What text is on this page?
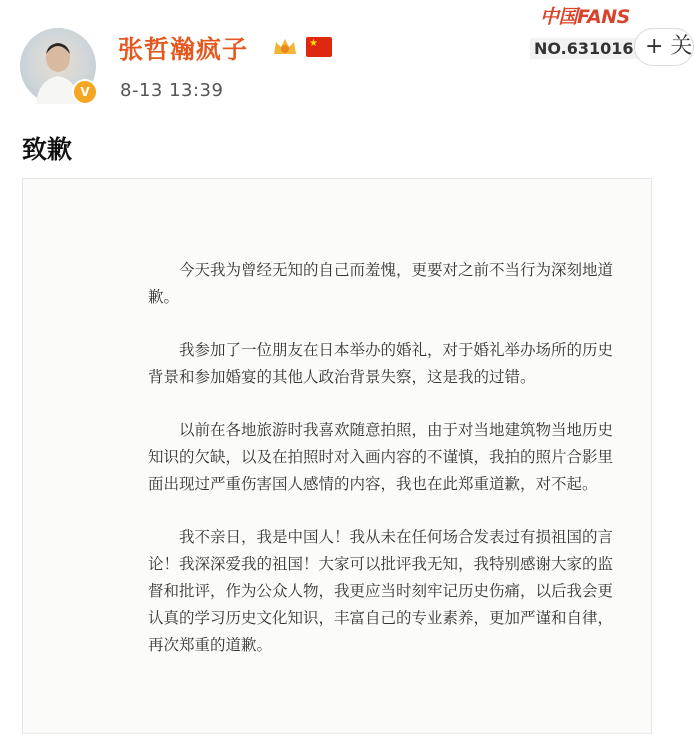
V
张哲瀚疯子	★
8-13 13:39
中国FANS
NO.631016 + 关
致歉

今天我为曾经无知的自己而羞愧，更要对之前不当行为深刻地道歉。

我参加了一位朋友在日本举办的婚礼，对于婚礼举办场所的历史背景和参加婚宴的其他人政治背景失察，这是我的过错。

以前在各地旅游时我喜欢随意拍照，由于对当地建筑物当地历史知识的欠缺，以及在拍照时对入画内容的不谨慎，我拍的照片合影里面出现过严重伤害国人感情的内容，我也在此郑重道歉，对不起。

我不亲日，我是中国人！我从未在任何场合发表过有损祖国的言论！我深深爱我的祖国！大家可以批评我无知，我特别感谢大家的监督和批评，作为公众人物，我更应当时刻牢记历史伤痛，以后我会更认真的学习历史文化知识，丰富自己的专业素养，更加严谨和自律，再次郑重的道歉。
